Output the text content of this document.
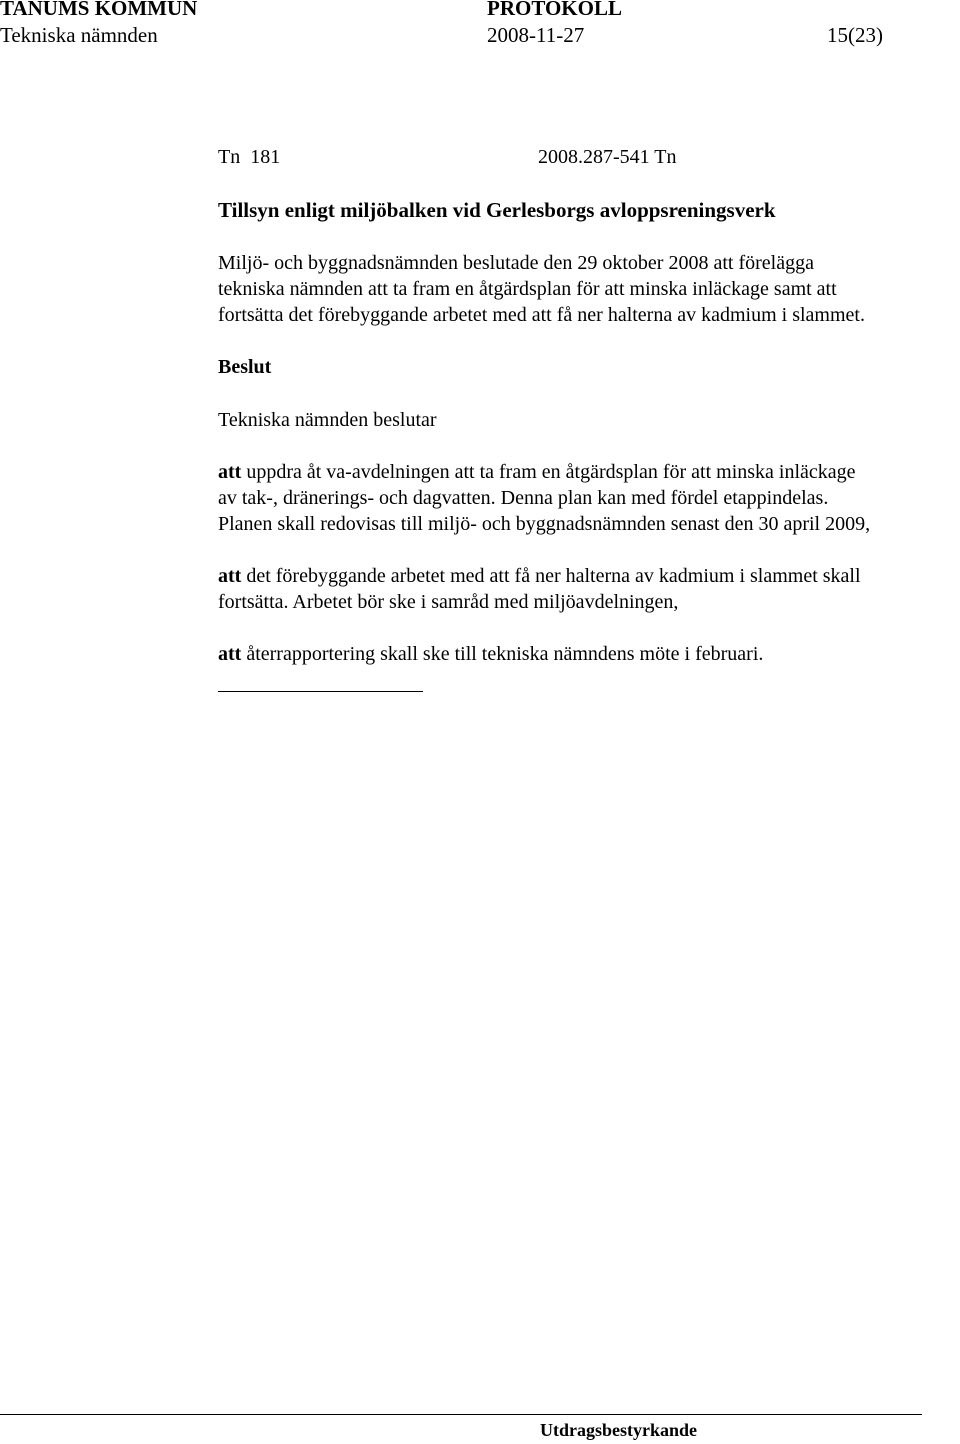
TANUMS KOMMUN	PROTOKOLL
Tekniska nämnden	2008-11-27	15(23)
Tn  181	2008.287-541 Tn
Tillsyn enligt miljöbalken vid Gerlesborgs avloppsreningsverk
Miljö- och byggnadsnämnden beslutade den 29 oktober 2008 att förelägga
tekniska nämnden att ta fram en åtgärdsplan för att minska inläckage samt att
fortsätta det förebyggande arbetet med att få ner halterna av kadmium i slammet.
Beslut
Tekniska nämnden beslutar
att uppdra åt va-avdelningen att ta fram en åtgärdsplan för att minska inläckage
av tak-, dränerings- och dagvatten. Denna plan kan med fördel etappindelas.
Planen skall redovisas till miljö- och byggnadsnämnden senast den 30 april 2009,
att det förebyggande arbetet med att få ner halterna av kadmium i slammet skall
fortsätta. Arbetet bör ske i samråd med miljöavdelningen,
att återrapportering skall ske till tekniska nämndens möte i februari.
Utdragsbestyrkande
